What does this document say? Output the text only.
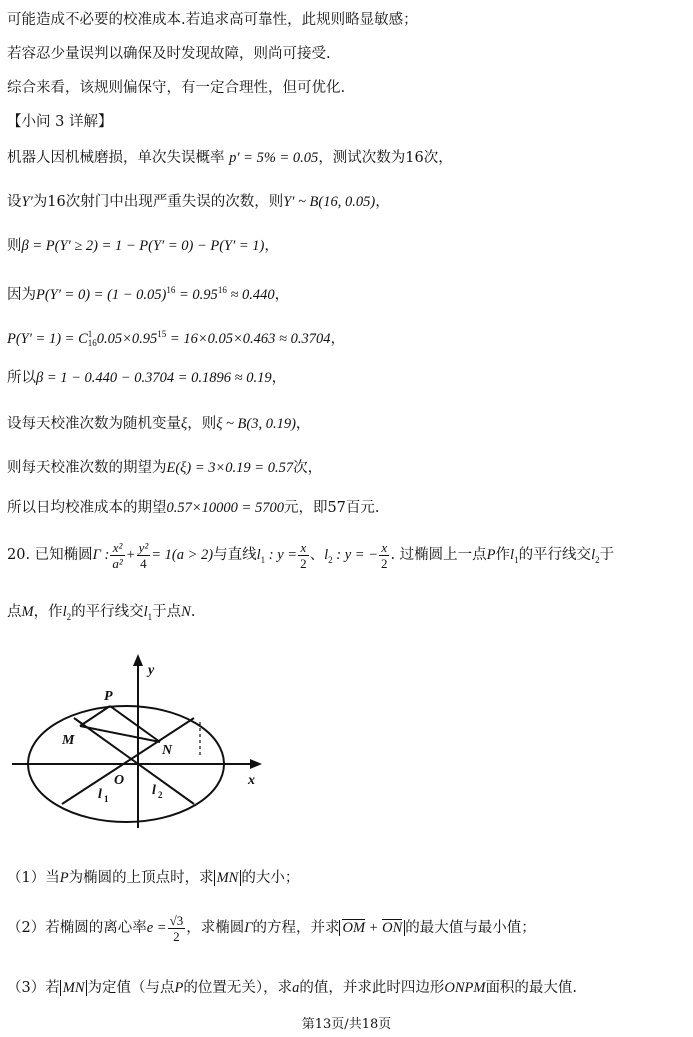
可能造成不必要的校准成本.若追求高可靠性，此规则略显敏感；
若容忍少量误判以确保及时发现故障，则尚可接受.
综合来看，该规则偏保守，有一定合理性，但可优化.
【小问 3 详解】
机器人因机械磨损，单次失误概率 p′ = 5% = 0.05，测试次数为16次，
设Y′为16次射门中出现严重失误的次数，则Y′ ~ B(16, 0.05)，
则β = P(Y′ ≥ 2) = 1 − P(Y′ = 0) − P(Y′ = 1)，
因为$P(Y' = 0) = (1 - 0.05)^{16} = 0.95^{16} \approx 0.440$，
P(Y′ = 1) = C 1
16 $0.05\times 0.95^{15} = 16\times 0.05\times 0.463 \approx 0.3704$，
所以β = 1 − 0.440 − 0.3704 = 0.1896 ≈ 0.19，
设每天校准次数为随机变量ξ，则ξ ~ B(3, 0.19)，
则每天校准次数的期望为E(ξ) = 3×0.19 = 0.57次，
所以日均校准成本的期望0.57×10000 = 5700元，即57百元.
20. 已知椭圆Γ : $\frac{\text{x²}}{\text{a²}} + \frac{\text{y²}}{4} = 1(a > 2)$与直线$l_1$ : $y = \frac{x}{2}$ 、$l_2$ : y = − $\frac{x}{2}$ . 过椭圆上一点P作$l_1$的平行线交$l_2$于
点M，作$l_2$的平行线交$l_1$于点N.
y
x
P
M
N
O
l 1
l 2
（1）当P为椭圆的上顶点时，求 MN 的大小；
（2）若椭圆的离心率$e = \frac{√3}{2}$ ，求椭圆Γ的方程，并求 OM + ON 的最大值与最小值；
（3）若 MN 为定值（与点P的位置无关），求a的值，并求此时四边形ONPM面积的最大值.
第13页/共18页
